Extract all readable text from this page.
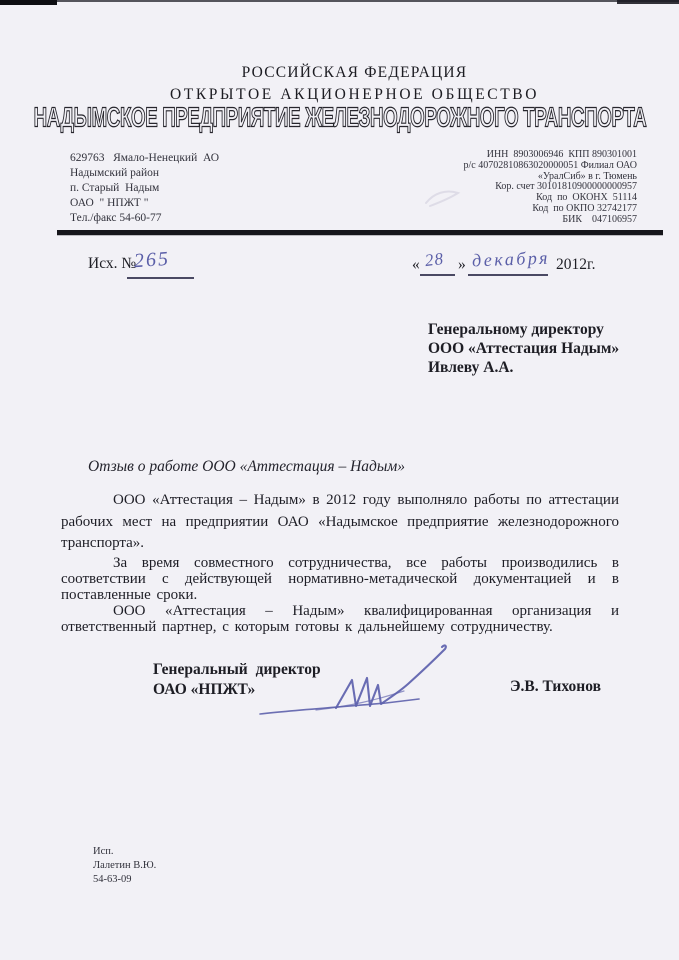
РОССИЙСКАЯ ФЕДЕРАЦИЯ
ОТКРЫТОЕ АКЦИОНЕРНОЕ ОБЩЕСТВО
НАДЫМСКОЕ ПРЕДПРИЯТИЕ ЖЕЛЕЗНОДОРОЖНОГО ТРАНСПОРТА
629763   Ямало-Ненецкий  АО
Надымский район
п. Старый  Надым
ОАО  " НПЖТ "
Тел./факс 54-60-77
ИНН  8903006946  КПП 890301001
р/с 40702810863020000051 Филиал ОАО
«УралСиб» в г. Тюмень
Кор. счет 30101810900000000957
Код  по  ОКОНХ  51114
Код  по ОКПО 32742177
БИК    047106957
Исх. №
265	« 28 » декабря 2012г.
Генеральному директору
ООО «Аттестация Надым»
Ивлеву А.А.
Отзыв о работе ООО «Аттестация – Надым»

ООО «Аттестация – Надым» в 2012 году выполняло работы по аттестации рабочих мест на предприятии ОАО «Надымское предприятие железнодорожного транспорта».

За время совместного сотрудничества, все работы производились в соответствии с действующей нормативно-метадической документацией и в поставленные сроки.

ООО «Аттестация – Надым» квалифицированная организация и ответственный партнер, с которым готовы к дальнейшему сотрудничеству.

Генеральный директор
ОАО «НПЖТ»	Э.В. Тихонов
Исп.
Лалетин В.Ю.
54-63-09
